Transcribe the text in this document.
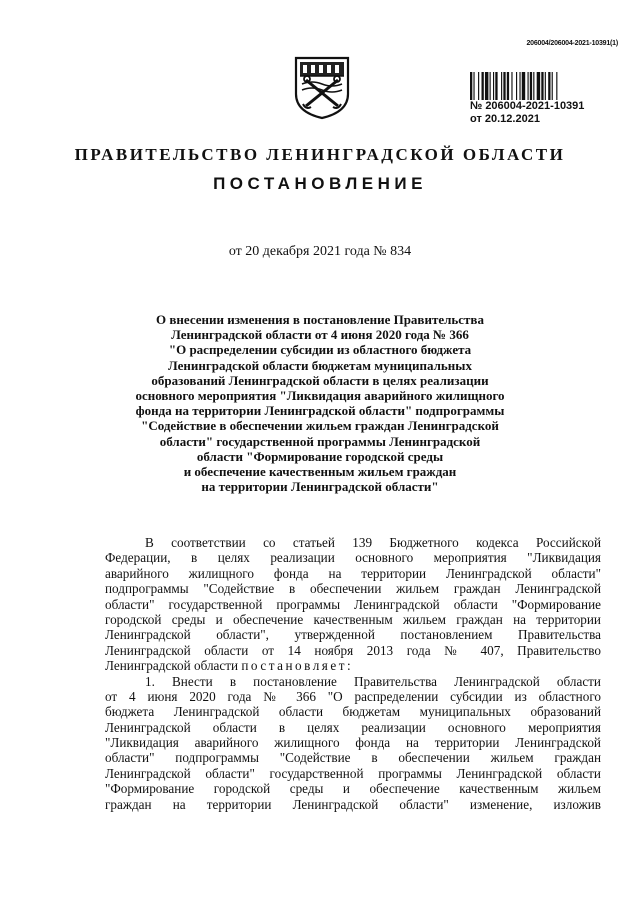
206004/206004-2021-10391(1)
№ 206004-2021-10391
от 20.12.2021
ПРАВИТЕЛЬСТВО ЛЕНИНГРАДСКОЙ ОБЛАСТИ
ПОСТАНОВЛЕНИЕ
от 20 декабря 2021 года № 834
О внесении изменения в постановление Правительства
Ленинградской области от 4 июня 2020 года № 366
"О распределении субсидии из областного бюджета
Ленинградской области бюджетам муниципальных
образований Ленинградской области в целях реализации
основного мероприятия "Ликвидация аварийного жилищного
фонда на территории Ленинградской области" подпрограммы
"Содействие в обеспечении жильем граждан Ленинградской
области" государственной программы Ленинградской
области "Формирование городской среды
и обеспечение качественным жильем граждан
на территории Ленинградской области"
В соответствии со статьей 139 Бюджетного кодекса Российской
Федерации, в целях реализации основного мероприятия "Ликвидация
аварийного жилищного фонда на территории Ленинградской области"
подпрограммы "Содействие в обеспечении жильем граждан Ленинградской
области" государственной программы Ленинградской области "Формирование
городской среды и обеспечение качественным жильем граждан на территории
Ленинградской области", утвержденной постановлением Правительства
Ленинградской области от 14 ноября 2013 года № 407, Правительство
Ленинградской области постановляет:
1. Внести в постановление Правительства Ленинградской области
от 4 июня 2020 года № 366 "О распределении субсидии из областного
бюджета Ленинградской области бюджетам муниципальных образований
Ленинградской области в целях реализации основного мероприятия
"Ликвидация аварийного жилищного фонда на территории Ленинградской
области" подпрограммы "Содействие в обеспечении жильем граждан
Ленинградской области" государственной программы Ленинградской области
"Формирование городской среды и обеспечение качественным жильем
граждан на территории Ленинградской области" изменение, изложив
